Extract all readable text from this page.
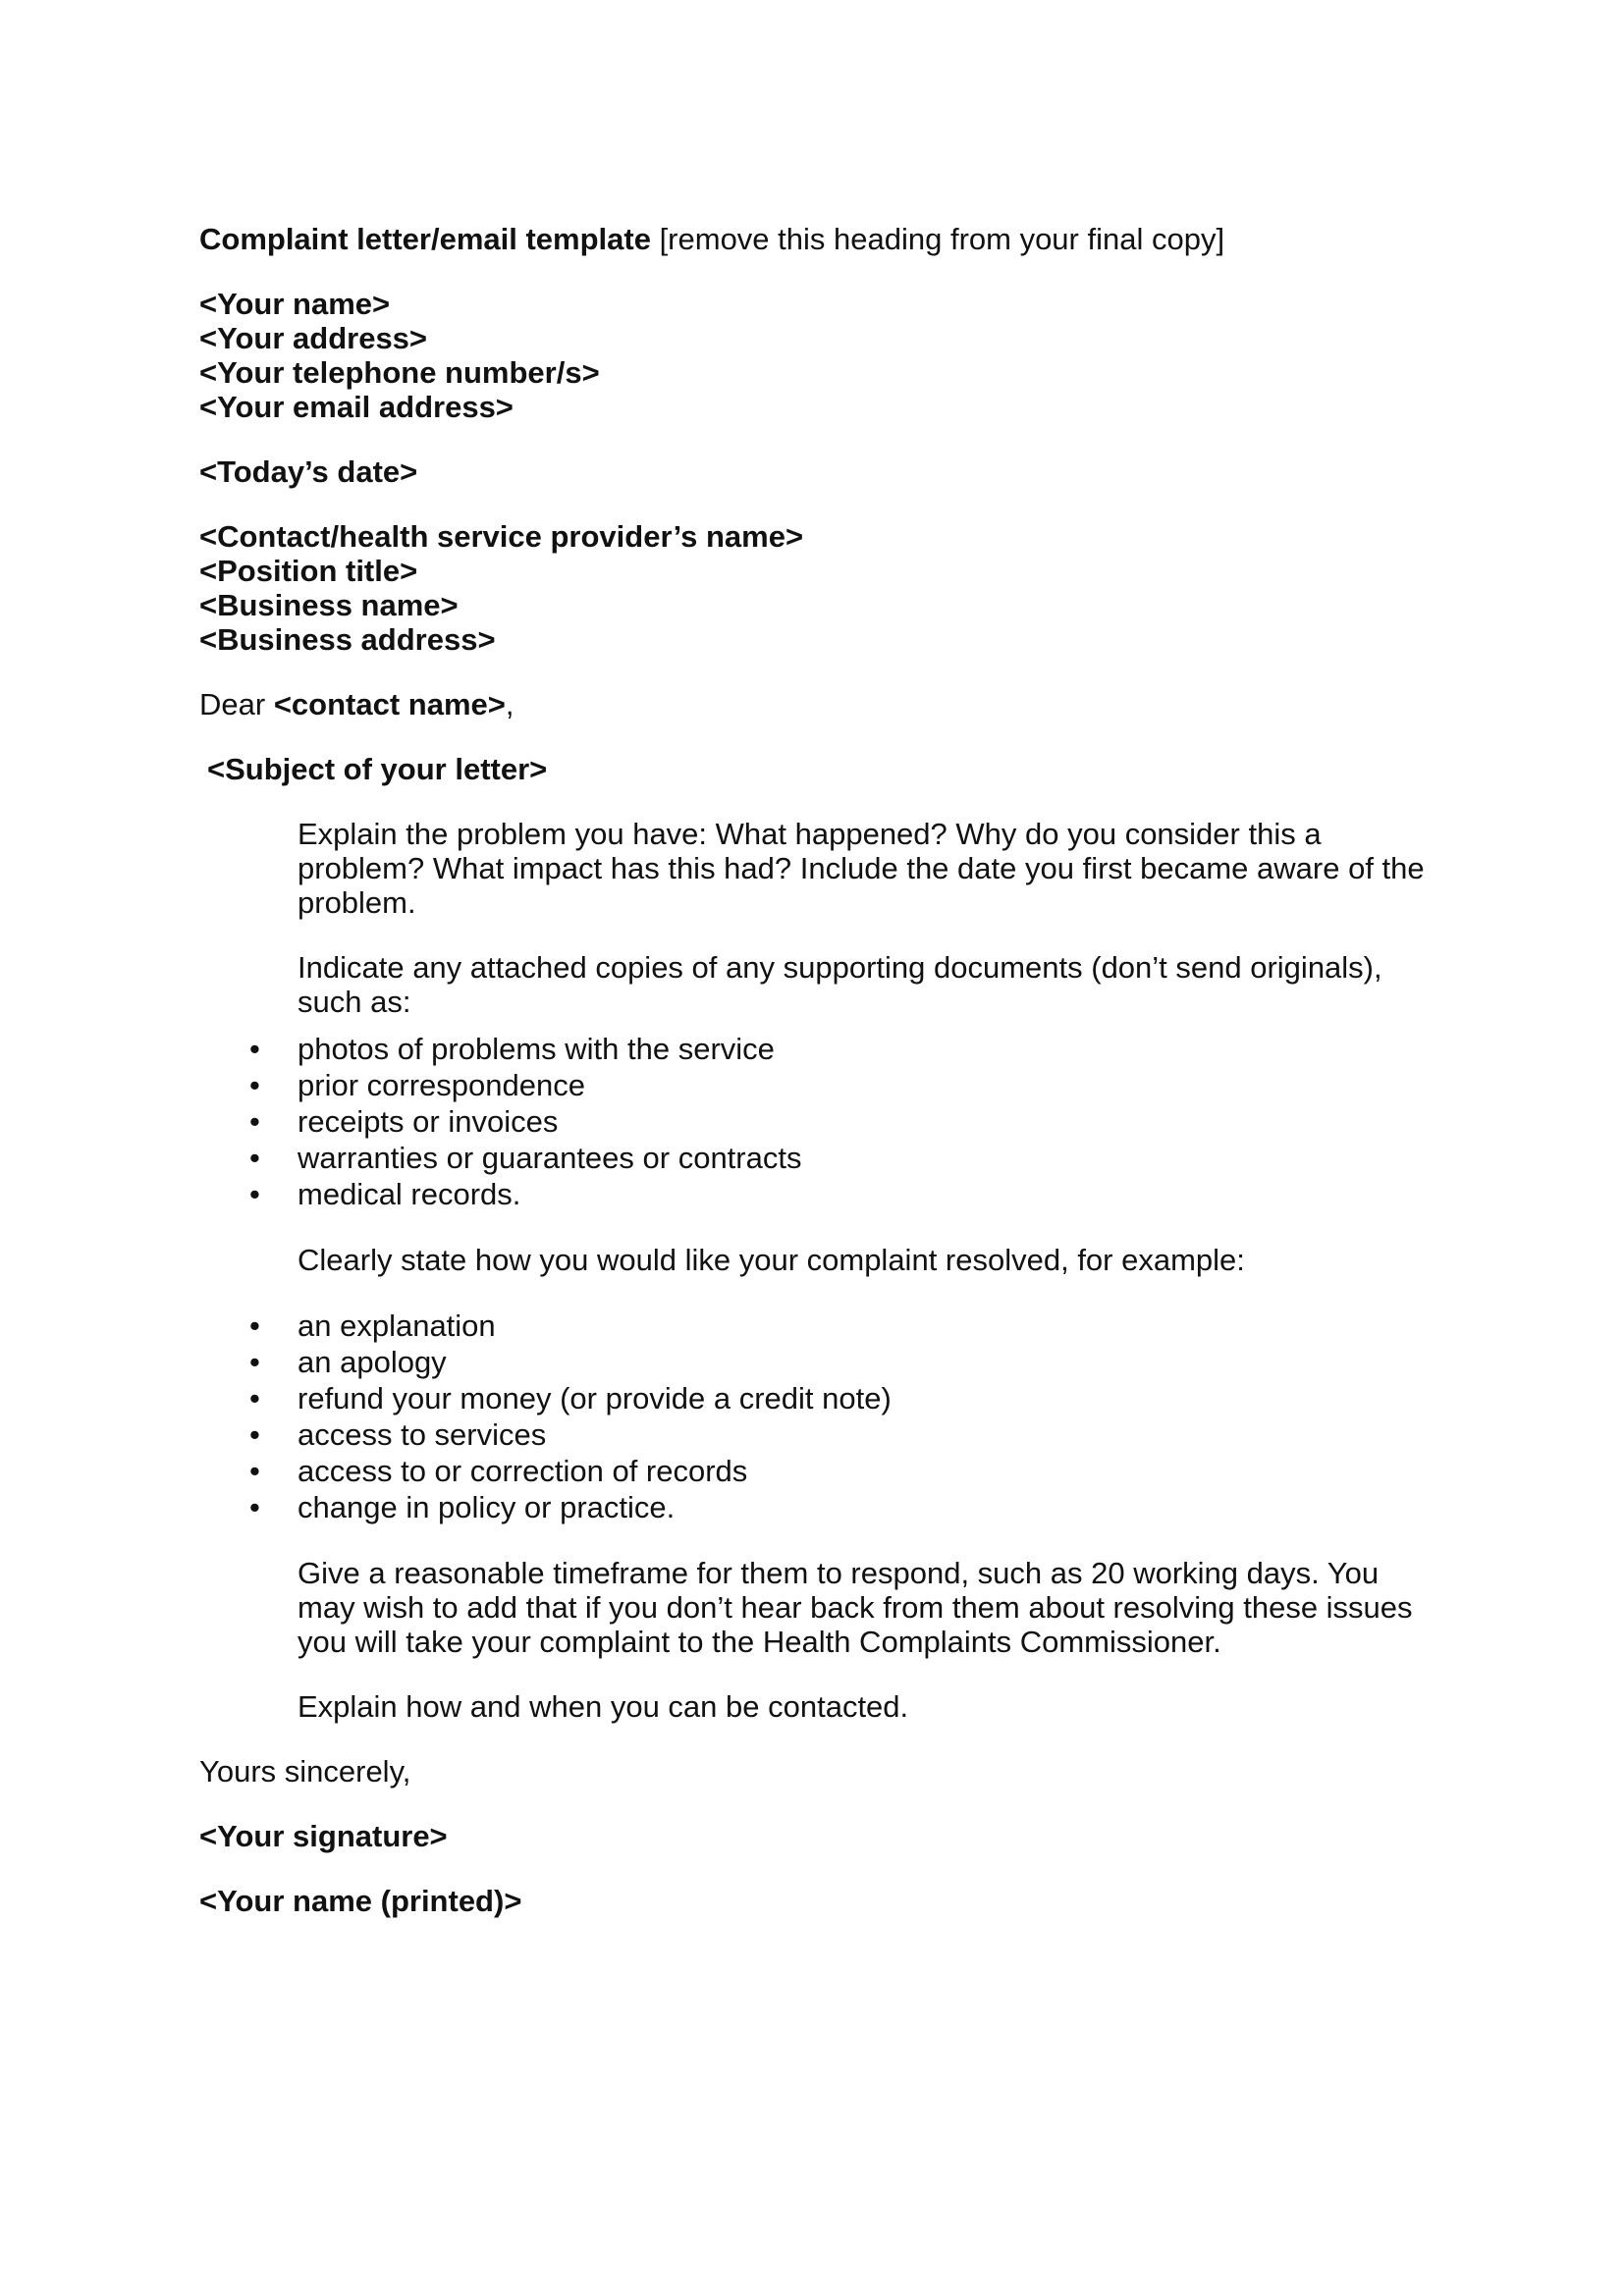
Complaint letter/email template [remove this heading from your final copy]

<Your name>
<Your address>
<Your telephone number/s>
<Your email address>

<Today’s date>

<Contact/health service provider’s name>
<Position title>
<Business name>
<Business address>

Dear <contact name>,

<Subject of your letter>

Explain the problem you have: What happened? Why do you consider this a problem? What impact has this had? Include the date you first became aware of the problem.

Indicate any attached copies of any supporting documents (don’t send originals), such as:

• photos of problems with the service
• prior correspondence
• receipts or invoices
• warranties or guarantees or contracts
• medical records.

Clearly state how you would like your complaint resolved, for example:

• an explanation
• an apology
• refund your money (or provide a credit note)
• access to services
• access to or correction of records
• change in policy or practice.

Give a reasonable timeframe for them to respond, such as 20 working days. You may wish to add that if you don’t hear back from them about resolving these issues you will take your complaint to the Health Complaints Commissioner.

Explain how and when you can be contacted.

Yours sincerely,

<Your signature>

<Your name (printed)>
